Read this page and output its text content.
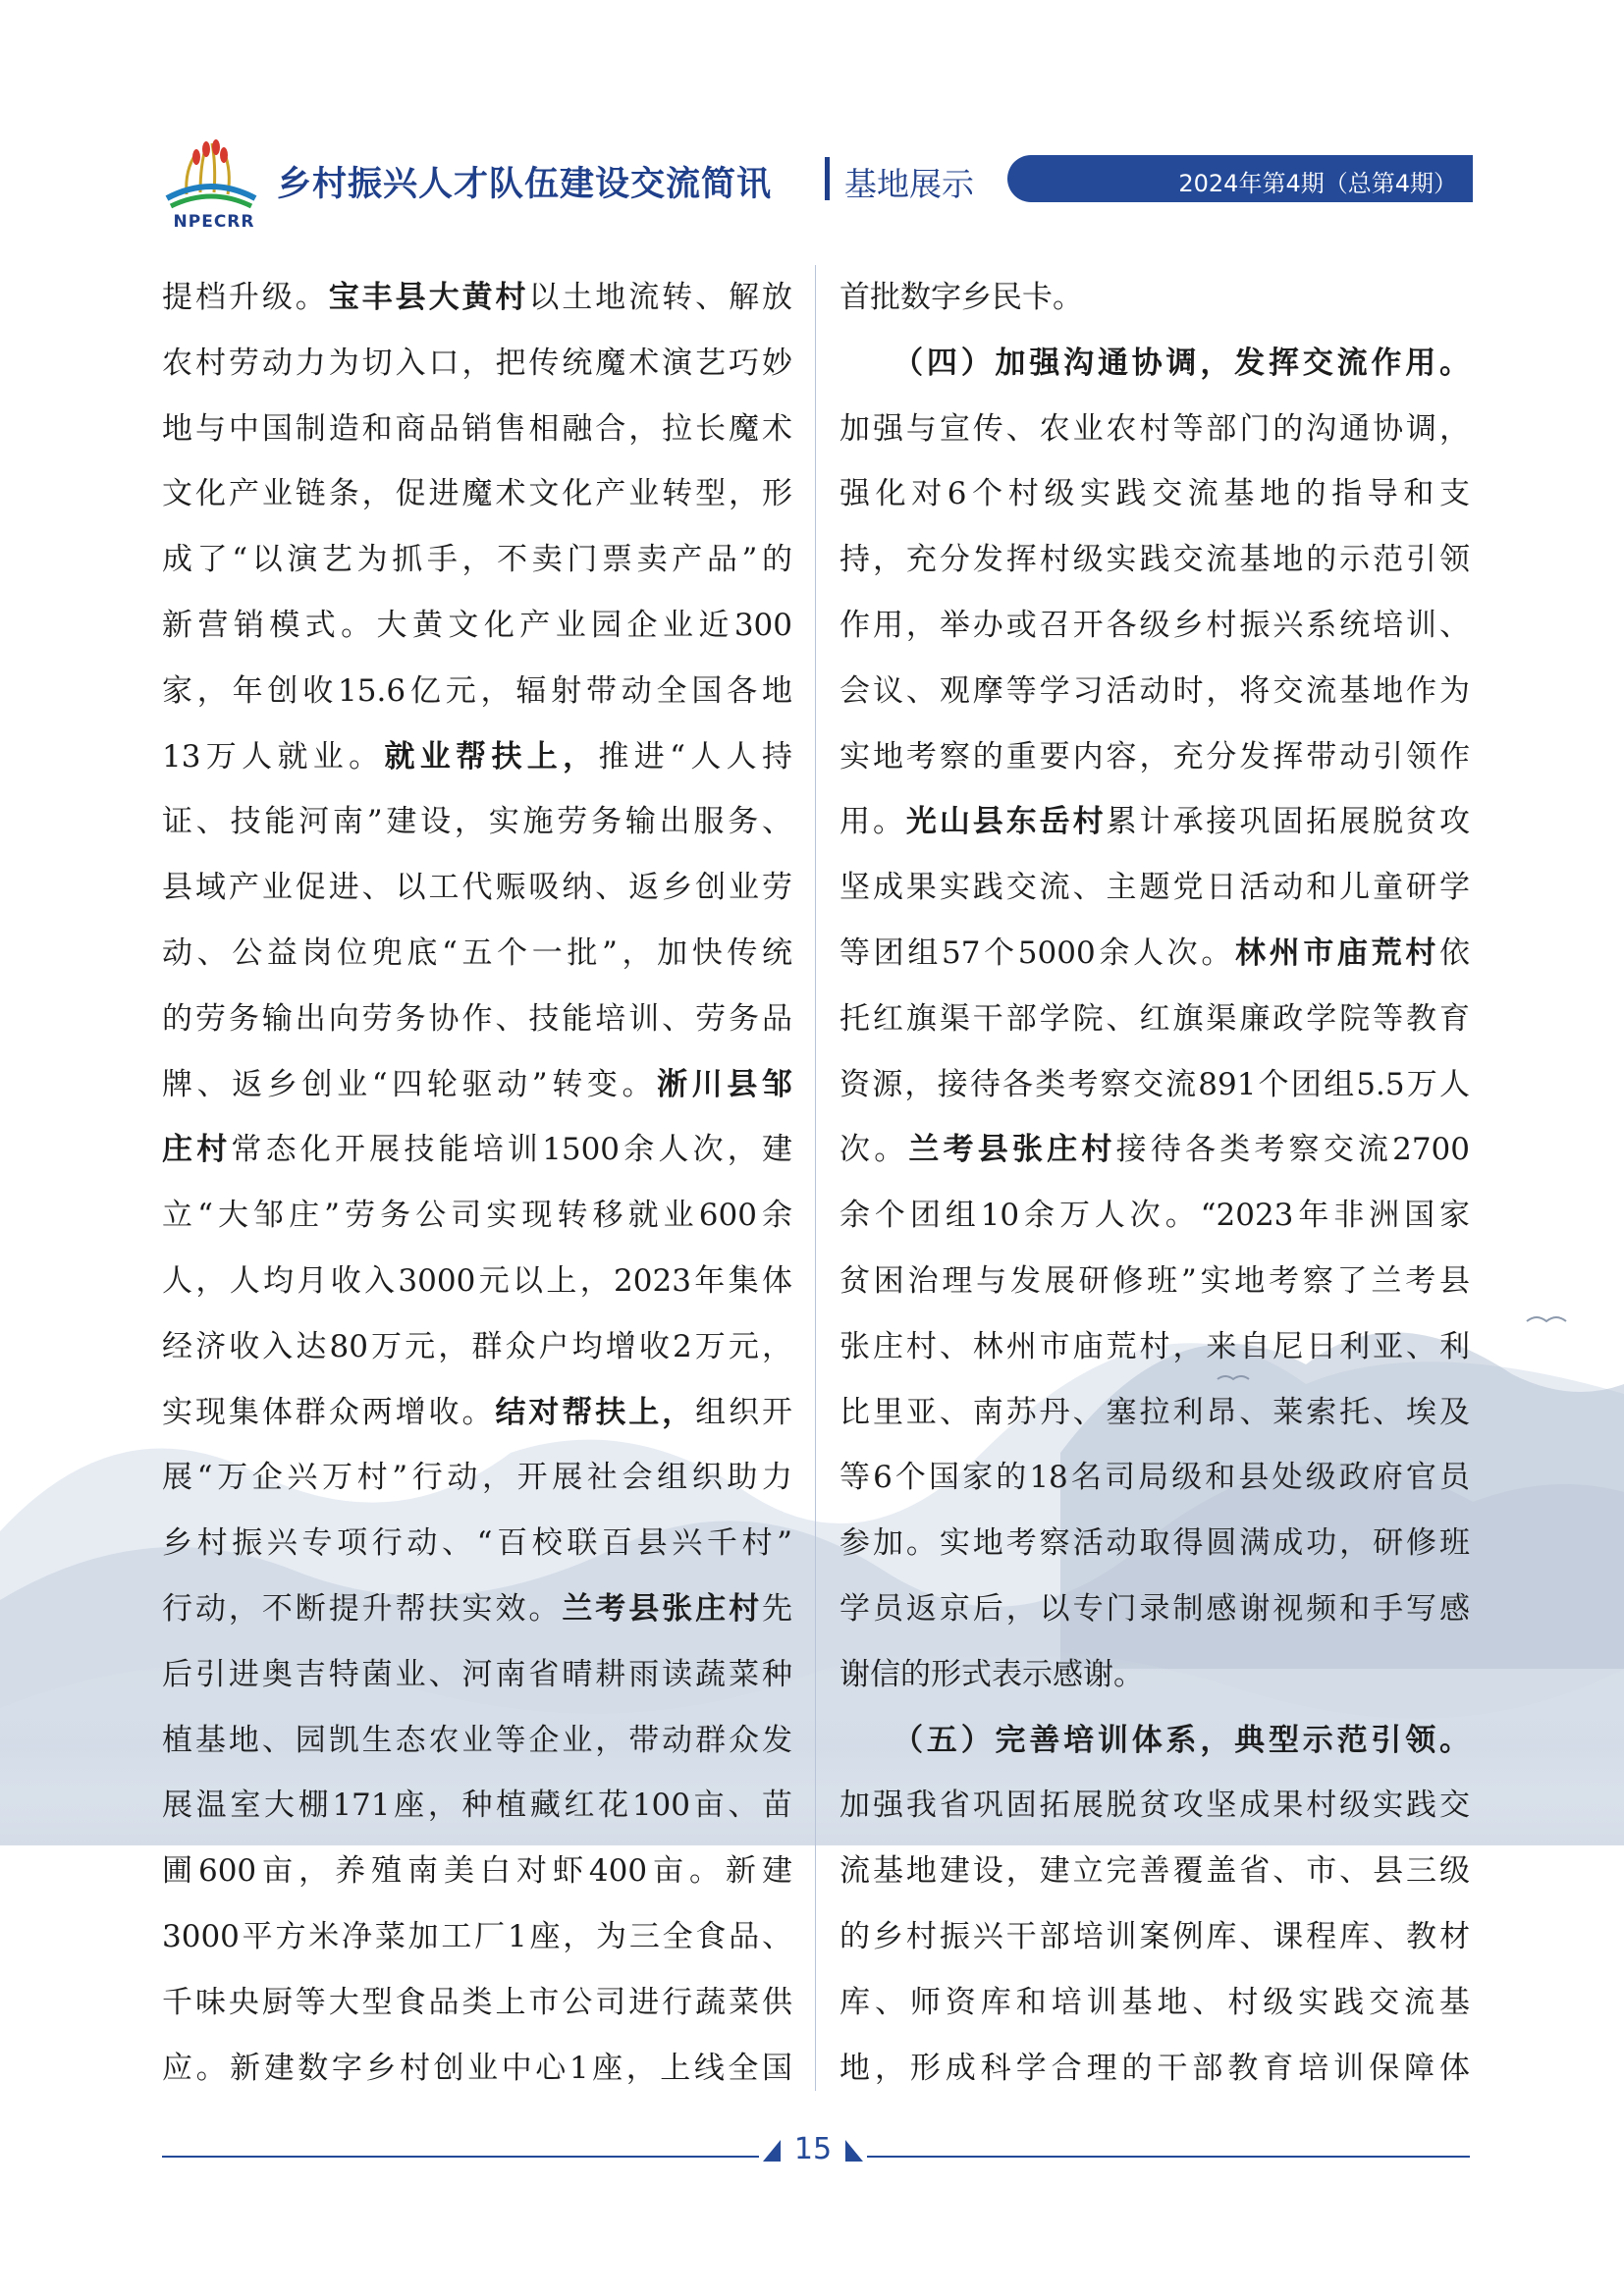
NPECRR
乡村振兴人才队伍建设交流简讯 基地展示	2024年第4期（总第4期）
提档升级。宝丰县大黄村以土地流转、解放
农村劳动力为切入口，把传统魔术演艺巧妙
地与中国制造和商品销售相融合，拉长魔术
文化产业链条，促进魔术文化产业转型，形
成了“以演艺为抓手，不卖门票卖产品”的
新营销模式。大黄文化产业园企业近300
家，年创收15.6亿元，辐射带动全国各地
13万人就业。就业帮扶上，推进“人人持
证、技能河南”建设，实施劳务输出服务、
县域产业促进、以工代赈吸纳、返乡创业劳
动、公益岗位兜底“五个一批”，加快传统
的劳务输出向劳务协作、技能培训、劳务品
牌、返乡创业“四轮驱动”转变。淅川县邹
庄村常态化开展技能培训1500余人次，建
立“大邹庄”劳务公司实现转移就业600余
人，人均月收入3000元以上，2023年集体
经济收入达80万元，群众户均增收2万元，
实现集体群众两增收。结对帮扶上，组织开
展“万企兴万村”行动，开展社会组织助力
乡村振兴专项行动、“百校联百县兴千村”
行动，不断提升帮扶实效。兰考县张庄村先
后引进奥吉特菌业、河南省晴耕雨读蔬菜种
植基地、园凯生态农业等企业，带动群众发
展温室大棚171座，种植藏红花100亩、苗
圃600亩，养殖南美白对虾400亩。新建
3000平方米净菜加工厂1座，为三全食品、
千味央厨等大型食品类上市公司进行蔬菜供
应。新建数字乡村创业中心1座，上线全国
首批数字乡民卡。
　　（四）加强沟通协调，发挥交流作用。
加强与宣传、农业农村等部门的沟通协调，
强化对6个村级实践交流基地的指导和支
持，充分发挥村级实践交流基地的示范引领
作用，举办或召开各级乡村振兴系统培训、
会议、观摩等学习活动时，将交流基地作为
实地考察的重要内容，充分发挥带动引领作
用。光山县东岳村累计承接巩固拓展脱贫攻
坚成果实践交流、主题党日活动和儿童研学
等团组57个5000余人次。林州市庙荒村依
托红旗渠干部学院、红旗渠廉政学院等教育
资源，接待各类考察交流891个团组5.5万人
次。兰考县张庄村接待各类考察交流2700
余个团组10余万人次。“2023年非洲国家
贫困治理与发展研修班”实地考察了兰考县
张庄村、林州市庙荒村，来自尼日利亚、利
比里亚、南苏丹、塞拉利昂、莱索托、埃及
等6个国家的18名司局级和县处级政府官员
参加。实地考察活动取得圆满成功，研修班
学员返京后，以专门录制感谢视频和手写感
谢信的形式表示感谢。
　　（五）完善培训体系，典型示范引领。
加强我省巩固拓展脱贫攻坚成果村级实践交
流基地建设，建立完善覆盖省、市、县三级
的乡村振兴干部培训案例库、课程库、教材
库、师资库和培训基地、村级实践交流基
地，形成科学合理的干部教育培训保障体
15
